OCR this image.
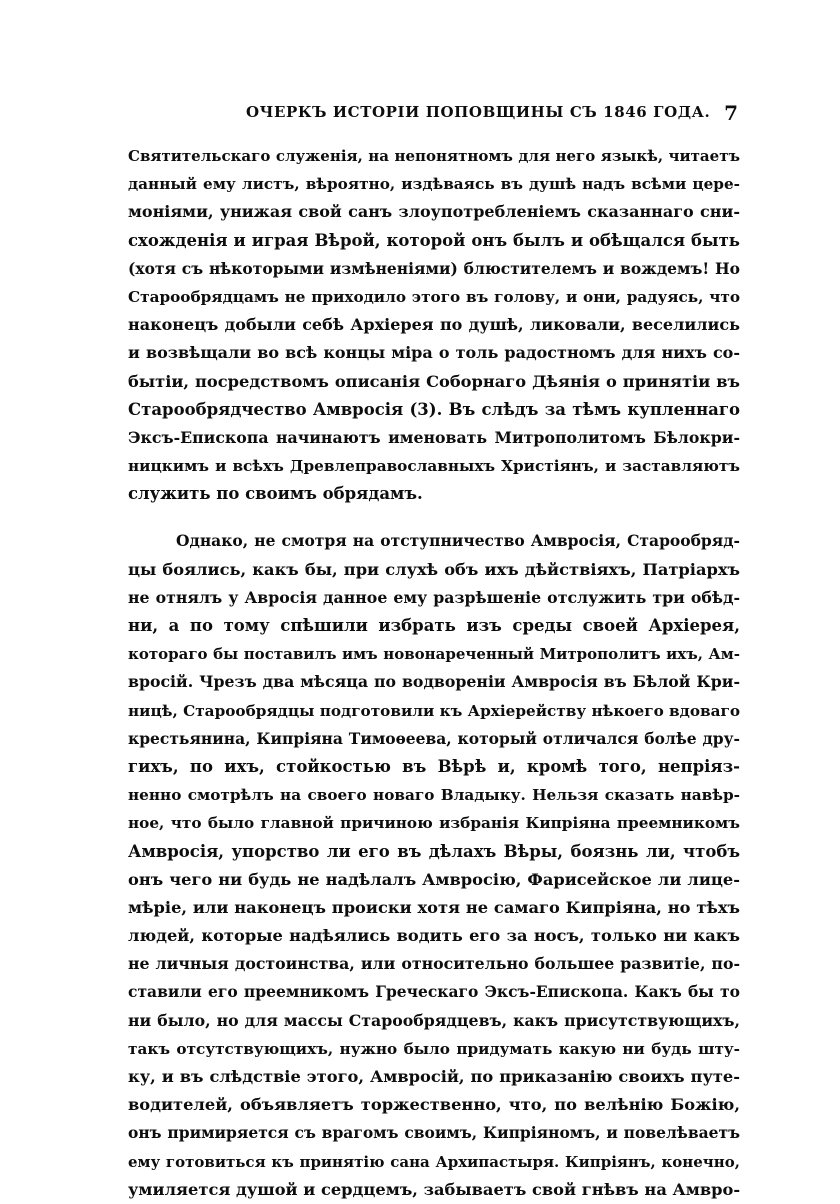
ОЧЕРКЪ ИСТОРІИ ПОПОВЩИНЫ СЪ 1846 ГОДА. 7
Святительскаго служенія, на непонятномъ для него языкѣ, читаетъ
данный ему листъ, вѣроятно, издѣваясь въ душѣ надъ всѣми цере-
моніями, унижая свой санъ злоупотребленіемъ сказаннаго сни-
схожденія и играя Вѣрой, которой онъ былъ и обѣщался быть
(хотя съ нѣкоторыми измѣненіями) блюстителемъ и вождемъ! Но
Старообрядцамъ не приходило этого въ голову, и они, радуясь, что
наконецъ добыли себѣ Архіерея по душѣ, ликовали, веселились
и возвѣщали во всѣ концы міра о толь радостномъ для нихъ со-
бытіи, посредствомъ описанія Соборнаго Дѣянія о принятіи въ
Старообрядчество Амвросія (3). Въ слѣдъ за тѣмъ купленнаго
Эксъ-Епископа начинаютъ именовать Митрополитомъ Бѣлокри-
ницкимъ и всѣхъ Древлеправославныхъ Христіянъ, и заставляютъ
служить по своимъ обрядамъ.
Однако, не смотря на отступничество Амвросія, Старообряд-
цы боялись, какъ бы, при слухѣ объ ихъ дѣйствіяхъ, Патріархъ
не отнялъ у Авросія данное ему разрѣшеніе отслужить три обѣд-
ни, а по тому спѣшили избрать изъ среды своей Архіерея,
котораго бы поставилъ имъ новонареченный Митрополитъ ихъ, Ам-
вросій. Чрезъ два мѣсяца по водвореніи Амвросія въ Бѣлой Кри-
ницѣ, Старообрядцы подготовили къ Архіерейству нѣкоего вдоваго
крестьянина, Кипріяна Тимоѳеева, который отличался болѣе дру-
гихъ, по ихъ, стойкостью въ Вѣрѣ и, кромѣ того, непріяз-
ненно смотрѣлъ на своего новаго Владыку. Нельзя сказать навѣр-
ное, что было главной причиною избранія Кипріяна преемникомъ
Амвросія, упорство ли его въ дѣлахъ Вѣры, боязнь ли, чтобъ
онъ чего ни будь не надѣлалъ Амвросію, Фарисейское ли лице-
мѣріе, или наконецъ происки хотя не самаго Кипріяна, но тѣхъ
людей, которые надѣялись водить его за носъ, только ни какъ
не личныя достоинства, или относительно большее развитіе, по-
ставили его преемникомъ Греческаго Эксъ-Епископа. Какъ бы то
ни было, но для массы Старообрядцевъ, какъ присутствующихъ,
такъ отсутствующихъ, нужно было придумать какую ни будь шту-
ку, и въ слѣдствіе этого, Амвросій, по приказанію своихъ путе-
водителей, объявляетъ торжественно, что, по велѣнію Божію,
онъ примиряется съ врагомъ своимъ, Кипріяномъ, и повелѣваетъ
ему готовиться къ принятію сана Архипастыря. Кипріянъ, конечно,
умиляется душой и сердцемъ, забываетъ свой гнѣвъ на Амвро-
